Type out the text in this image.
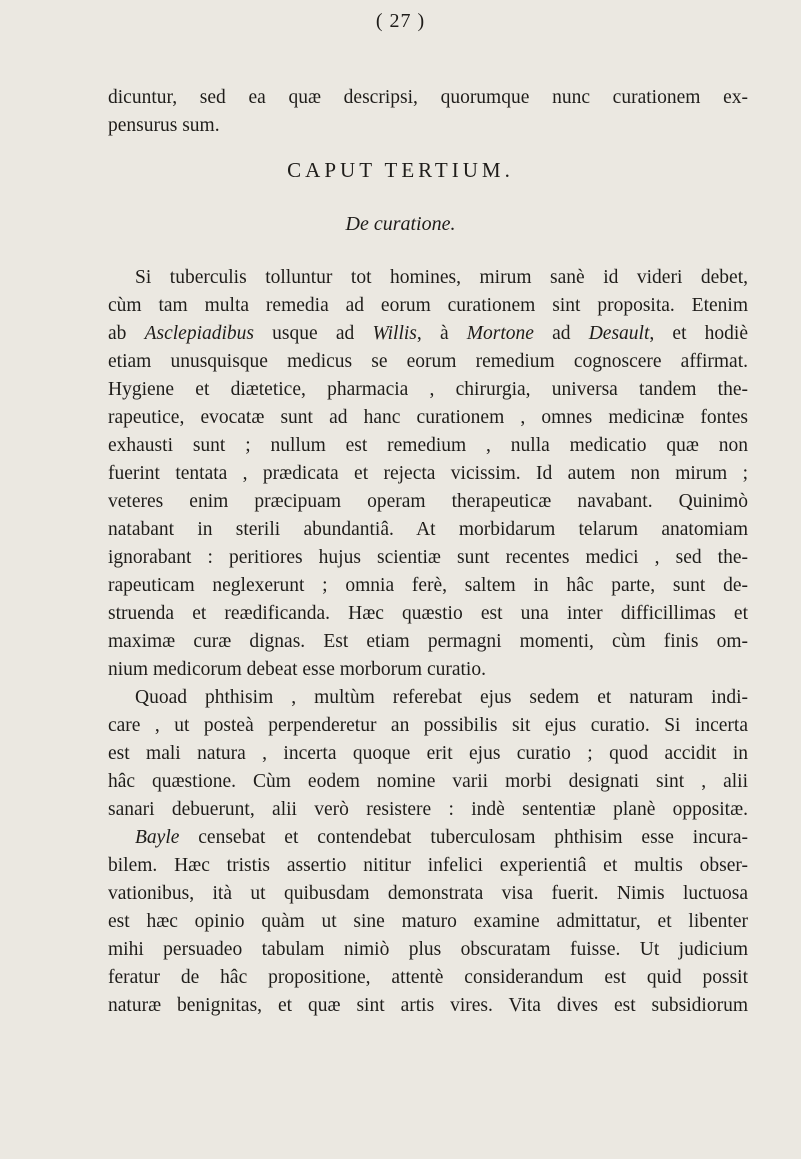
( 27 )
dicuntur, sed ea quæ descripsi, quorumque nunc curationem ex-
pensurus sum.
CAPUT TERTIUM.
De curatione.
Si tuberculis tolluntur tot homines, mirum sanè id videri debet,
cùm tam multa remedia ad eorum curationem sint proposita. Etenim
ab Asclepiadibus usque ad Willis, à Mortone ad Desault, et hodiè
etiam unusquisque medicus se eorum remedium cognoscere affirmat.
Hygiene et diætetice, pharmacia , chirurgia, universa tandem the-
rapeutice, evocatæ sunt ad hanc curationem , omnes medicinæ fontes
exhausti sunt ; nullum est remedium , nulla medicatio quæ non
fuerint tentata , prædicata et rejecta vicissim. Id autem non mirum ;
veteres enim præcipuam operam therapeuticæ navabant. Quinimò
natabant in sterili abundantiâ. At morbidarum telarum anatomiam
ignorabant : peritiores hujus scientiæ sunt recentes medici , sed the-
rapeuticam neglexerunt ; omnia ferè, saltem in hâc parte, sunt de-
struenda et reædificanda. Hæc quæstio est una inter difficillimas et
maximæ curæ dignas. Est etiam permagni momenti, cùm finis om-
nium medicorum debeat esse morborum curatio.
Quoad phthisim , multùm referebat ejus sedem et naturam indi-
care , ut posteà perpenderetur an possibilis sit ejus curatio. Si incerta
est mali natura , incerta quoque erit ejus curatio ; quod accidit in
hâc quæstione. Cùm eodem nomine varii morbi designati sint , alii
sanari debuerunt, alii verò resistere : indè sententiæ planè oppositæ.
Bayle censebat et contendebat tuberculosam phthisim esse incura-
bilem. Hæc tristis assertio nititur infelici experientiâ et multis obser-
vationibus, ità ut quibusdam demonstrata visa fuerit. Nimis luctuosa
est hæc opinio quàm ut sine maturo examine admittatur, et libenter
mihi persuadeo tabulam nimiò plus obscuratam fuisse. Ut judicium
feratur de hâc propositione, attentè considerandum est quid possit
naturæ benignitas, et quæ sint artis vires. Vita dives est subsidiorum
